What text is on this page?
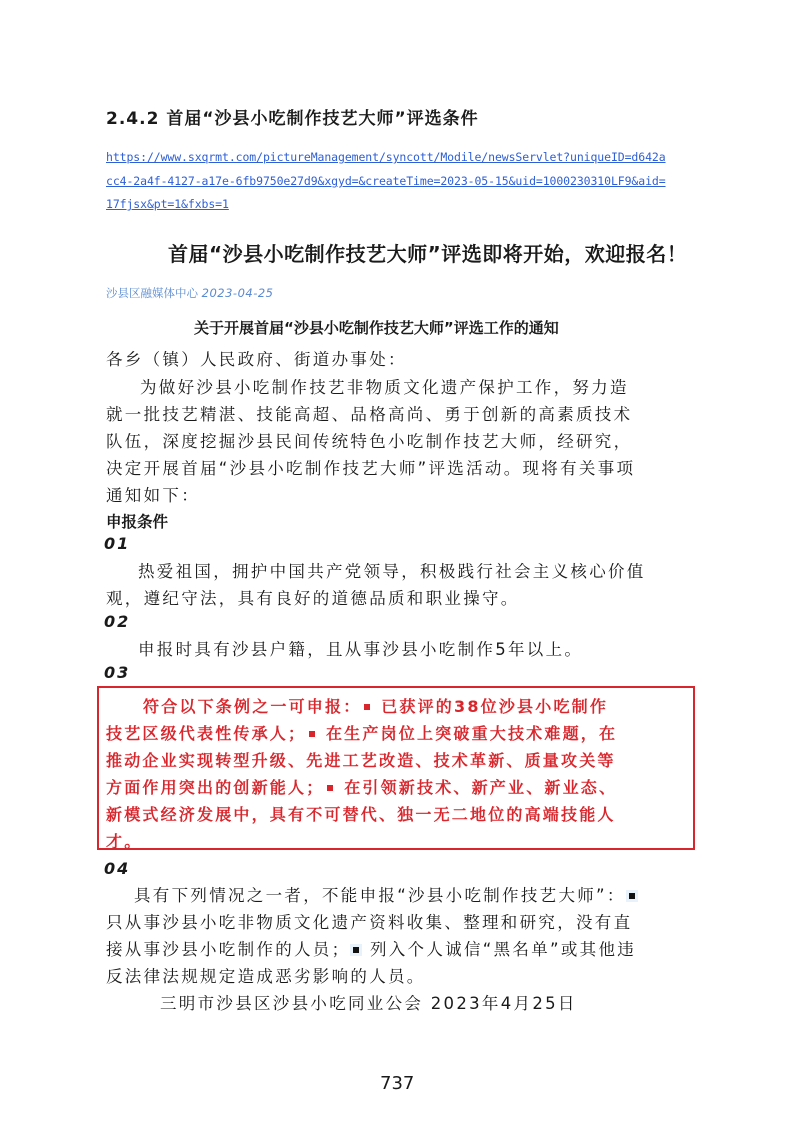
2.4.2 首届“沙县小吃制作技艺大师”评选条件
https://www.sxqrmt.com/pictureManagement/syncott/Modile/newsServlet?uniqueID=d642a
cc4-2a4f-4127-a17e-6fb9750e27d9&xgyd=&createTime=2023-05-15&uid=1000230310LF9&aid=
17fjsx&pt=1&fxbs=1
首届“沙县小吃制作技艺大师”评选即将开始，欢迎报名！
沙县区融媒体中心 2023-04-25
关于开展首届“沙县小吃制作技艺大师”评选工作的通知
各乡（镇）人民政府、街道办事处：
为做好沙县小吃制作技艺非物质文化遗产保护工作，努力造
就一批技艺精湛、技能高超、品格高尚、勇于创新的高素质技术
队伍，深度挖掘沙县民间传统特色小吃制作技艺大师，经研究，
决定开展首届“沙县小吃制作技艺大师”评选活动。现将有关事项
通知如下：
申报条件
01
热爱祖国，拥护中国共产党领导，积极践行社会主义核心价值
观，遵纪守法，具有良好的道德品质和职业操守。
02
申报时具有沙县户籍，且从事沙县小吃制作5年以上。
03
符合以下条例之一可申报： 已获评的38位沙县小吃制作
技艺区级代表性传承人； 在生产岗位上突破重大技术难题，在
推动企业实现转型升级、先进工艺改造、技术革新、质量攻关等
方面作用突出的创新能人； 在引领新技术、新产业、新业态、
新模式经济发展中，具有不可替代、独一无二地位的高端技能人
才。
04
具有下列情况之一者，不能申报“沙县小吃制作技艺大师”：
只从事沙县小吃非物质文化遗产资料收集、整理和研究，没有直
接从事沙县小吃制作的人员； 列入个人诚信“黑名单”或其他违
反法律法规规定造成恶劣影响的人员。
三明市沙县区沙县小吃同业公会 2023年4月25日
737
